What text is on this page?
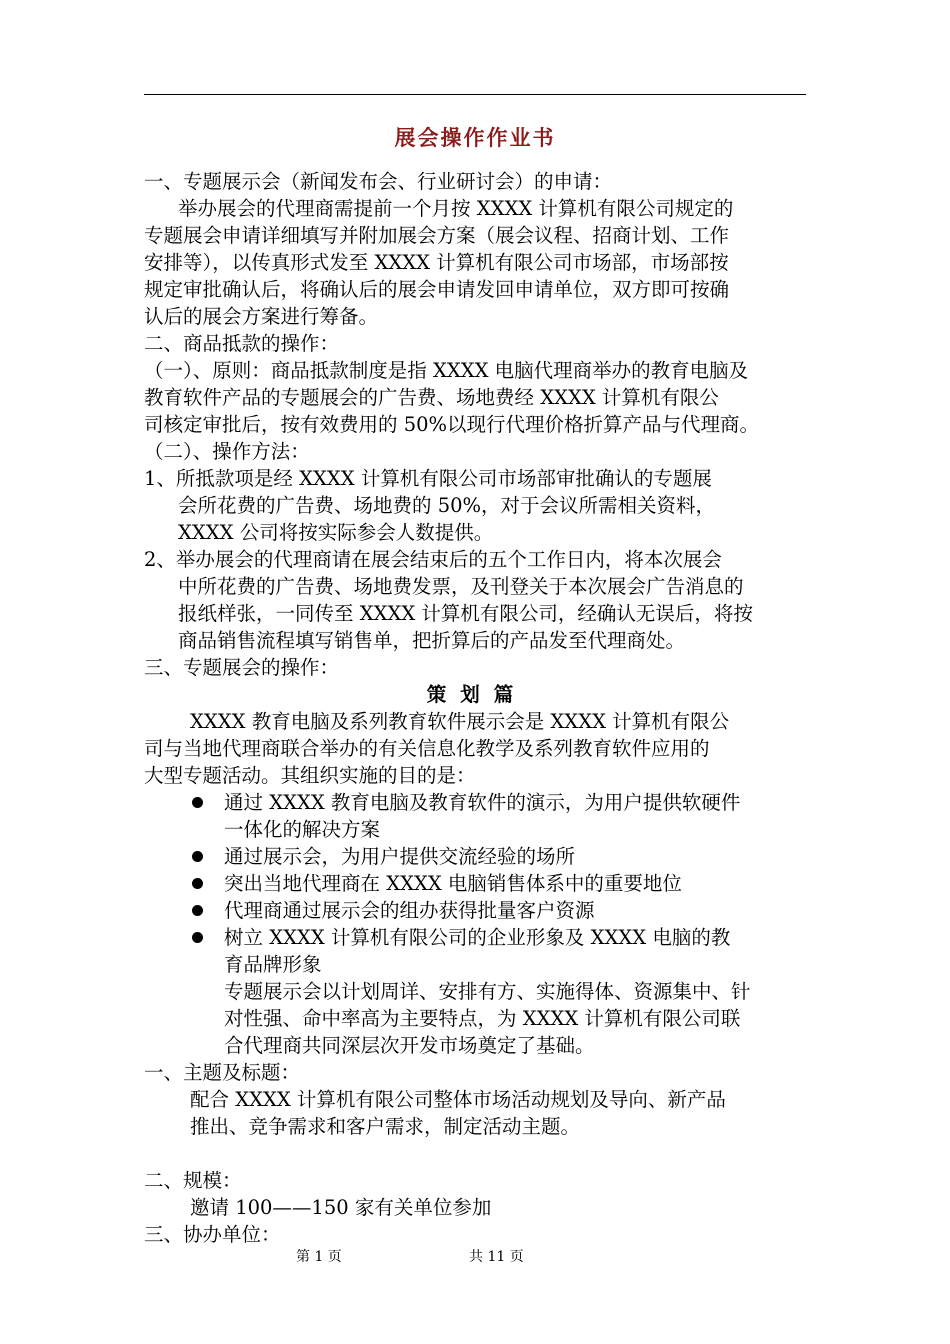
展会操作作业书
一、专题展示会（新闻发布会、行业研讨会）的申请：
举办展会的代理商需提前一个月按 XXXX 计算机有限公司规定的
专题展会申请详细填写并附加展会方案（展会议程、招商计划、工作
安排等），以传真形式发至 XXXX 计算机有限公司市场部，市场部按
规定审批确认后，将确认后的展会申请发回申请单位，双方即可按确
认后的展会方案进行筹备。
二、商品抵款的操作：
（一）、原则：商品抵款制度是指 XXXX 电脑代理商举办的教育电脑及
教育软件产品的专题展会的广告费、场地费经 XXXX 计算机有限公
司核定审批后，按有效费用的 50%以现行代理价格折算产品与代理商。
（二）、操作方法：
1、所抵款项是经 XXXX 计算机有限公司市场部审批确认的专题展
会所花费的广告费、场地费的 50%，对于会议所需相关资料，
XXXX 公司将按实际参会人数提供。
2、举办展会的代理商请在展会结束后的五个工作日内，将本次展会
中所花费的广告费、场地费发票，及刊登关于本次展会广告消息的
报纸样张，一同传至 XXXX 计算机有限公司，经确认无误后，将按
商品销售流程填写销售单，把折算后的产品发至代理商处。
三、专题展会的操作：
策划篇
XXXX 教育电脑及系列教育软件展示会是 XXXX 计算机有限公
司与当地代理商联合举办的有关信息化教学及系列教育软件应用的
大型专题活动。其组织实施的目的是：
通过 XXXX 教育电脑及教育软件的演示，为用户提供软硬件
一体化的解决方案
通过展示会，为用户提供交流经验的场所
突出当地代理商在 XXXX 电脑销售体系中的重要地位
代理商通过展示会的组办获得批量客户资源
树立 XXXX 计算机有限公司的企业形象及 XXXX 电脑的教
育品牌形象
专题展示会以计划周详、安排有方、实施得体、资源集中、针
对性强、命中率高为主要特点，为 XXXX 计算机有限公司联
合代理商共同深层次开发市场奠定了基础。
一、主题及标题：
配合 XXXX 计算机有限公司整体市场活动规划及导向、新产品
推出、竞争需求和客户需求，制定活动主题。
二、规模：
邀请 100——150 家有关单位参加
三、协办单位：
第 1 页	共 11 页
